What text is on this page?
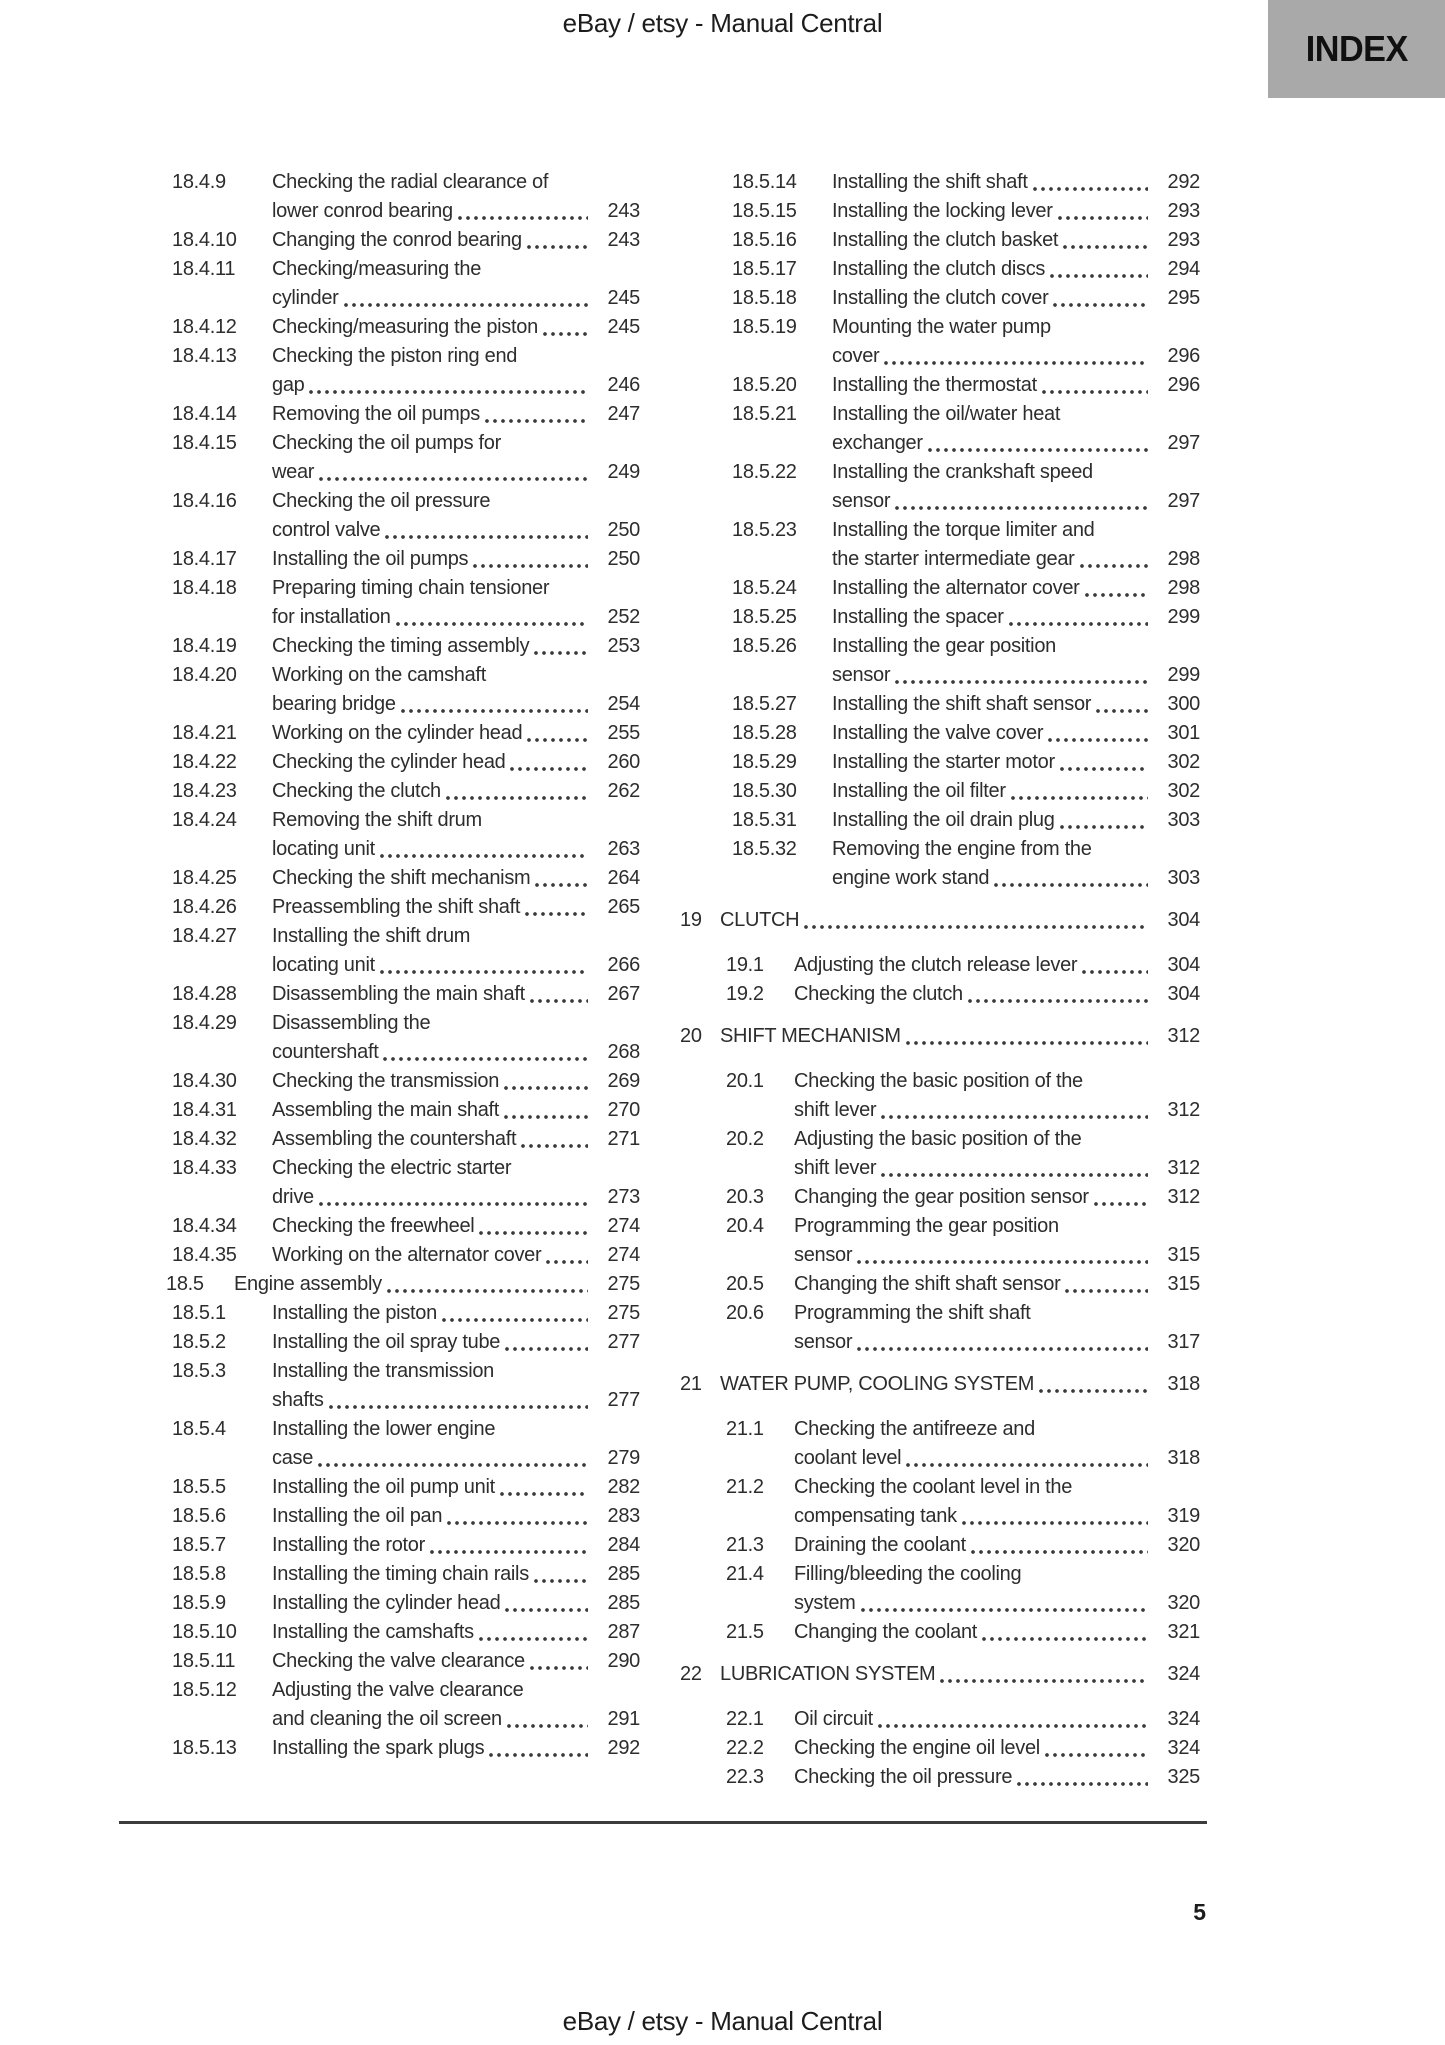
eBay / etsy - Manual Central
INDEX
18.4.9	Checking the radial clearance of
lower conrod bearing	243
18.4.10	Changing the conrod bearing	243
18.4.11	Checking/measuring the
cylinder	245
18.4.12	Checking/measuring the piston	245
18.4.13	Checking the piston ring end
gap	246
18.4.14	Removing the oil pumps	247
18.4.15	Checking the oil pumps for
wear	249
18.4.16	Checking the oil pressure
control valve	250
18.4.17	Installing the oil pumps	250
18.4.18	Preparing timing chain tensioner
for installation	252
18.4.19	Checking the timing assembly	253
18.4.20	Working on the camshaft
bearing bridge	254
18.4.21	Working on the cylinder head	255
18.4.22	Checking the cylinder head	260
18.4.23	Checking the clutch	262
18.4.24	Removing the shift drum
locating unit	263
18.4.25	Checking the shift mechanism	264
18.4.26	Preassembling the shift shaft	265
18.4.27	Installing the shift drum
locating unit	266
18.4.28	Disassembling the main shaft	267
18.4.29	Disassembling the
countershaft	268
18.4.30	Checking the transmission	269
18.4.31	Assembling the main shaft	270
18.4.32	Assembling the countershaft	271
18.4.33	Checking the electric starter
drive	273
18.4.34	Checking the freewheel	274
18.4.35	Working on the alternator cover	274
18.5	Engine assembly	275
18.5.1	Installing the piston	275
18.5.2	Installing the oil spray tube	277
18.5.3	Installing the transmission
shafts	277
18.5.4	Installing the lower engine
case	279
18.5.5	Installing the oil pump unit	282
18.5.6	Installing the oil pan	283
18.5.7	Installing the rotor	284
18.5.8	Installing the timing chain rails	285
18.5.9	Installing the cylinder head	285
18.5.10	Installing the camshafts	287
18.5.11	Checking the valve clearance	290
18.5.12	Adjusting the valve clearance
and cleaning the oil screen	291
18.5.13	Installing the spark plugs	292
18.5.14	Installing the shift shaft	292
18.5.15	Installing the locking lever	293
18.5.16	Installing the clutch basket	293
18.5.17	Installing the clutch discs	294
18.5.18	Installing the clutch cover	295
18.5.19	Mounting the water pump
cover	296
18.5.20	Installing the thermostat	296
18.5.21	Installing the oil/water heat
exchanger	297
18.5.22	Installing the crankshaft speed
sensor	297
18.5.23	Installing the torque limiter and
the starter intermediate gear	298
18.5.24	Installing the alternator cover	298
18.5.25	Installing the spacer	299
18.5.26	Installing the gear position
sensor	299
18.5.27	Installing the shift shaft sensor	300
18.5.28	Installing the valve cover	301
18.5.29	Installing the starter motor	302
18.5.30	Installing the oil filter	302
18.5.31	Installing the oil drain plug	303
18.5.32	Removing the engine from the
engine work stand	303
19 CLUTCH	304
19.1	Adjusting the clutch release lever	304
19.2	Checking the clutch	304
20 SHIFT MECHANISM	312
20.1	Checking the basic position of the
shift lever	312
20.2	Adjusting the basic position of the
shift lever	312
20.3	Changing the gear position sensor	312
20.4	Programming the gear position
sensor	315
20.5	Changing the shift shaft sensor	315
20.6	Programming the shift shaft
sensor	317
21 WATER PUMP, COOLING SYSTEM	318
21.1	Checking the antifreeze and
coolant level	318
21.2	Checking the coolant level in the
compensating tank	319
21.3	Draining the coolant	320
21.4	Filling/bleeding the cooling
system	320
21.5	Changing the coolant	321
22 LUBRICATION SYSTEM	324
22.1	Oil circuit	324
22.2	Checking the engine oil level	324
22.3	Checking the oil pressure	325
5
eBay / etsy - Manual Central
